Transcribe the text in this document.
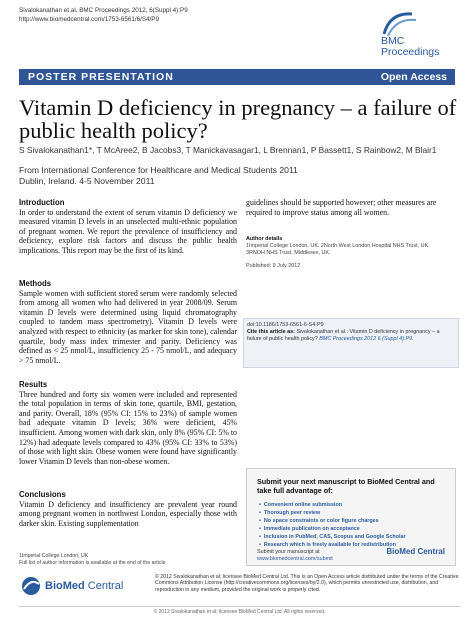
Sivalokanathan et al. BMC Proceedings 2012, 6(Suppl 4):P9
http://www.biomedcentral.com/1753-6561/6/S4/P9
BMC
Proceedings
POSTER PRESENTATION	Open Access
Vitamin D deficiency in pregnancy – a failure of public health policy?
S Sivalokanathan1*, T McAree2, B Jacobs3, T Manickavasagar1, L Brennan1, P Bassett1, S Rainbow2, M Blair1
From International Conference for Healthcare and Medical Students 2011
Dublin, Ireland. 4-5 November 2011
Introduction
In order to understand the extent of serum vitamin D deficiency we measured vitamin D levels in an unselected multi-ethnic population of pregnant women. We report the prevalence of insufficiency and deficiency, explore risk factors and discuss the public health implications. This report may be the first of its kind.
Methods
Sample women with sufficient stored serum were randomly selected from among all women who had delivered in year 2008/09. Serum vitamin D levels were determined using liquid chromatography coupled to tandem mass spectrometry). Vitamin D levels were analyzed with respect to ethnicity (as marker for skin tone), calendar quartile, body mass index trimester and parity. Deficiency was defined as < 25 nmol/L, insufficiency 25 - 75 nmol/L, and adequacy > 75 nmol/L.
Results
Three hundred and forty six women were included and represented the total population in terms of skin tone, quartile, BMI, gestation, and parity. Overall, 18% (95% CI: 15% to 23%) of sample women had adequate vitamin D levels; 36% were deficient, 45% insufficient. Among women with dark skin, only 8% (95% CI: 5% to 12%) had adequate levels compared to 43% (95% CI: 33% to 53%) of those with light skin. Obese women were found have significantly lower Vitamin D levels than non-obese women.
Conclusions
Vitamin D deficiency and insufficiency are prevalent year round among pregnant women in northwest London, especially those with darker skin. Existing supplementation
guidelines should be supported however; other measures are required to improve status among all women.
Author details
1Imperial College London, UK. 2North West London Hospital NHS Trust, UK.
3RNOH NHS Trust, Middlesex, UK.
Published: 9 July 2012
doi:10.1186/1753-6561-6-S4-P9
Cite this article as: Sivalokanathan et al.: Vitamin D deficiency in pregnancy – a failure of public health policy? BMC Proceedings 2012 6 (Suppl 4):P9.
Submit your next manuscript to BioMed Central and take full advantage of:
• Convenient online submission
• Thorough peer review
• No space constraints or color figure charges
• Immediate publication on acceptance
• Inclusion in PubMed, CAS, Scopus and Google Scholar
• Research which is freely available for redistribution
Submit your manuscript at
www.biomedcentral.com/submit
BioMed Central
1Imperial College London, UK
Full list of author information is available at the end of the article
BioMed Central
© 2012 Sivalokanathan et al; licensee BioMed Central Ltd. This is an Open Access article distributed under the terms of the Creative Commons Attribution License (http://creativecommons.org/licenses/by/2.0), which permits unrestricted use, distribution, and reproduction in any medium, provided the original work is properly cited.
© 2012 Sivalokanathan et al; licensee BioMed Central Ltd. All rights reserved.
